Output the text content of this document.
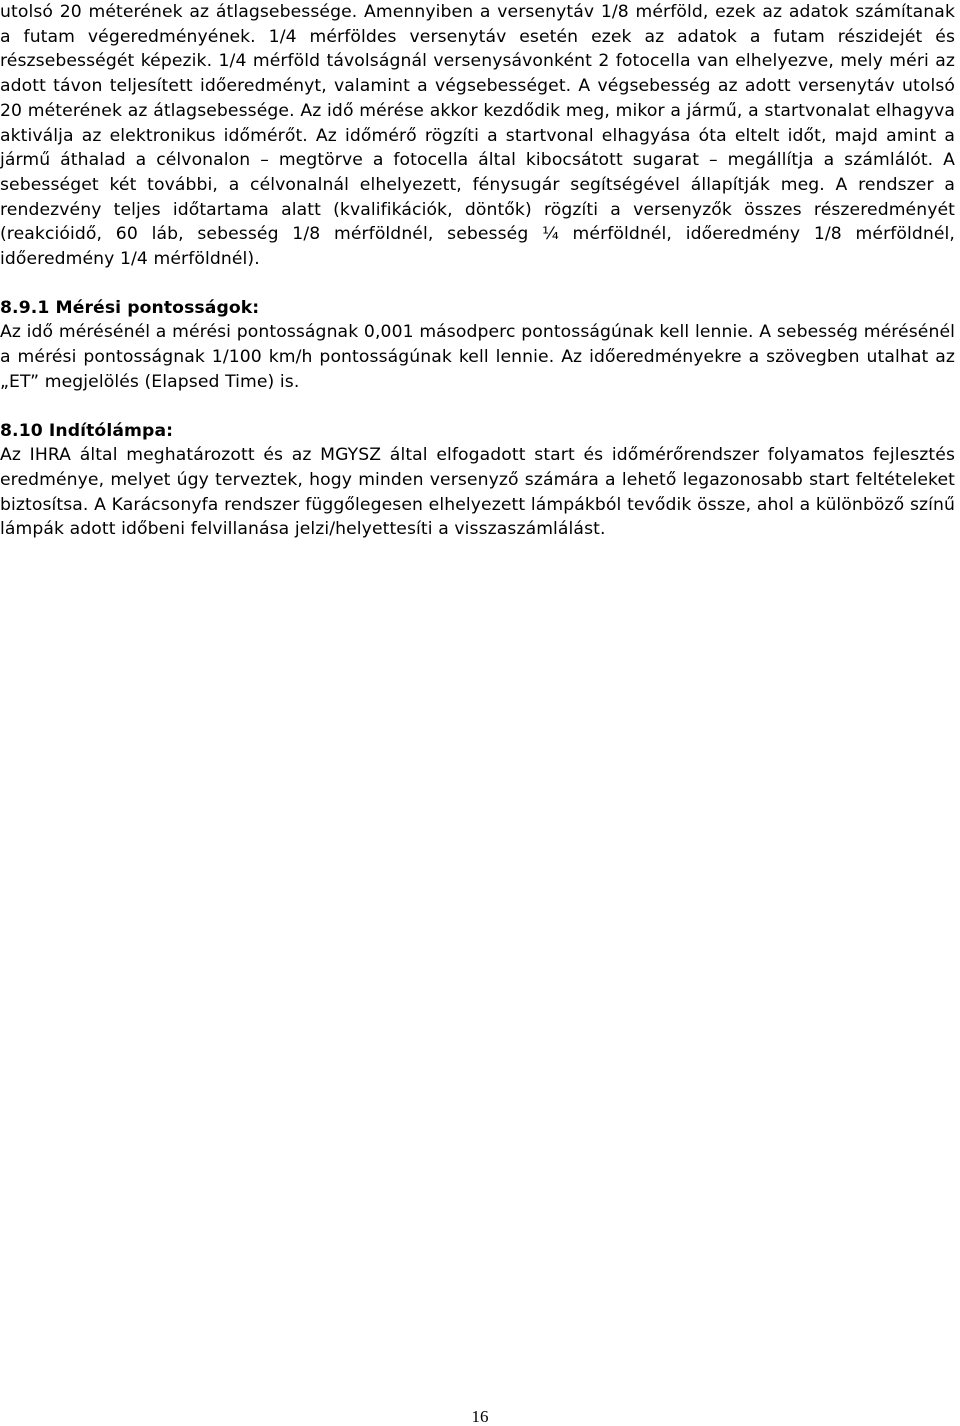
utolsó 20 méterének az átlagsebessége. Amennyiben a versenytáv 1/8 mérföld, ezek az adatok számítanak a futam végeredményének. 1/4 mérföldes versenytáv esetén ezek az adatok a futam részidejét és részsebességét képezik. 1/4 mérföld távolságnál versenysávonként 2 fotocella van elhelyezve, mely méri az adott távon teljesített időeredményt, valamint a végsebességet. A végsebesség az adott versenytáv utolsó 20 méterének az átlagsebessége. Az idő mérése akkor kezdődik meg, mikor a jármű, a startvonalat elhagyva aktiválja az elektronikus időmérőt. Az időmérő rögzíti a startvonal elhagyása óta eltelt időt, majd amint a jármű áthalad a célvonalon – megtörve a fotocella által kibocsátott sugarat – megállítja a számlálót. A sebességet két további, a célvonalnál elhelyezett, fénysugár segítségével állapítják meg. A rendszer a rendezvény teljes időtartama alatt (kvalifikációk, döntők) rögzíti a versenyzők összes részeredményét (reakcióidő, 60 láb, sebesség 1/8 mérföldnél, sebesség ¼ mérföldnél, időeredmény 1/8 mérföldnél, időeredmény 1/4 mérföldnél).

8.9.1 Mérési pontosságok:

Az idő mérésénél a mérési pontosságnak 0,001 másodperc pontosságúnak kell lennie. A sebesség mérésénél a mérési pontosságnak 1/100 km/h pontosságúnak kell lennie. Az időeredményekre a szövegben utalhat az „ET” megjelölés (Elapsed Time) is.

8.10 Indítólámpa:

Az IHRA által meghatározott és az MGYSZ által elfogadott start és időmérőrendszer folyamatos fejlesztés eredménye, melyet úgy terveztek, hogy minden versenyző számára a lehető legazonosabb start feltételeket biztosítsa. A Karácsonyfa rendszer függőlegesen elhelyezett lámpákból tevődik össze, ahol a különböző színű lámpák adott időbeni felvillanása jelzi/helyettesíti a visszaszámlálást.

16
